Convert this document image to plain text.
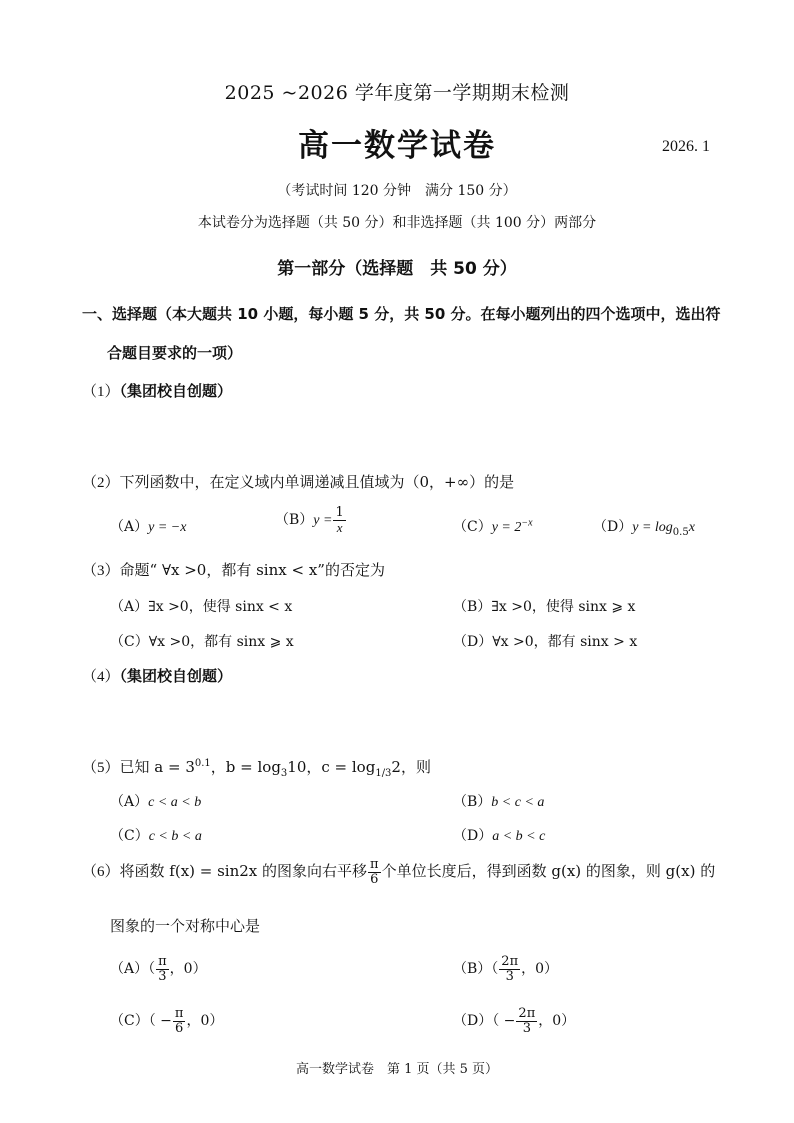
2025 ~2026 学年度第一学期期末检测
高一数学试卷	2026. 1
（考试时间 120 分钟　满分 150 分）
本试卷分为选择题（共 50 分）和非选择题（共 100 分）两部分
第一部分（选择题　共 50 分）
一、选择题（本大题共 10 小题，每小题 5 分，共 50 分。在每小题列出的四个选项中，选出符
合题目要求的一项）
（1）（集团校自创题）
（2）下列函数中，在定义域内单调递减且值域为（0，+∞）的是
（A）y = −x	$(B)y = \frac{1}{x}$	$(C)y = 2^{-x}$	$(D)y = \log_{0.5}x$
（3）命题“ ∀x >0，都有 sinx < x”的否定为
（A）∃x >0，使得 sinx < x	（B）∃x >0，使得 sinx ⩾ x
（C）∀x >0，都有 sinx ⩾ x	（D）∀x >0，都有 sinx > x
（4）（集团校自创题）
（5）已知 $a = 3^{0.1}$，$b = \log_310$，$c = \log_{1/3}2$，则
（A）c < a < b	（B）b < c < a
（C）c < b < a	（D）a < b < c
（6）将函数 f(x) = sin2x 的图象向右平移 $\frac{\pi}{6}$ 个单位长度后，得到函数 g(x) 的图象，则 g(x) 的
图象的一个对称中心是
$(A)( \frac{\pi}{3}$ ，0）	$(B)( \frac{2\pi}{3}$ ，0）
$(C)( - \frac{\pi}{6}$ ，0）	$(D)( - \frac{2\pi}{3}$ ，0）
高一数学试卷　第 1 页（共 5 页）
